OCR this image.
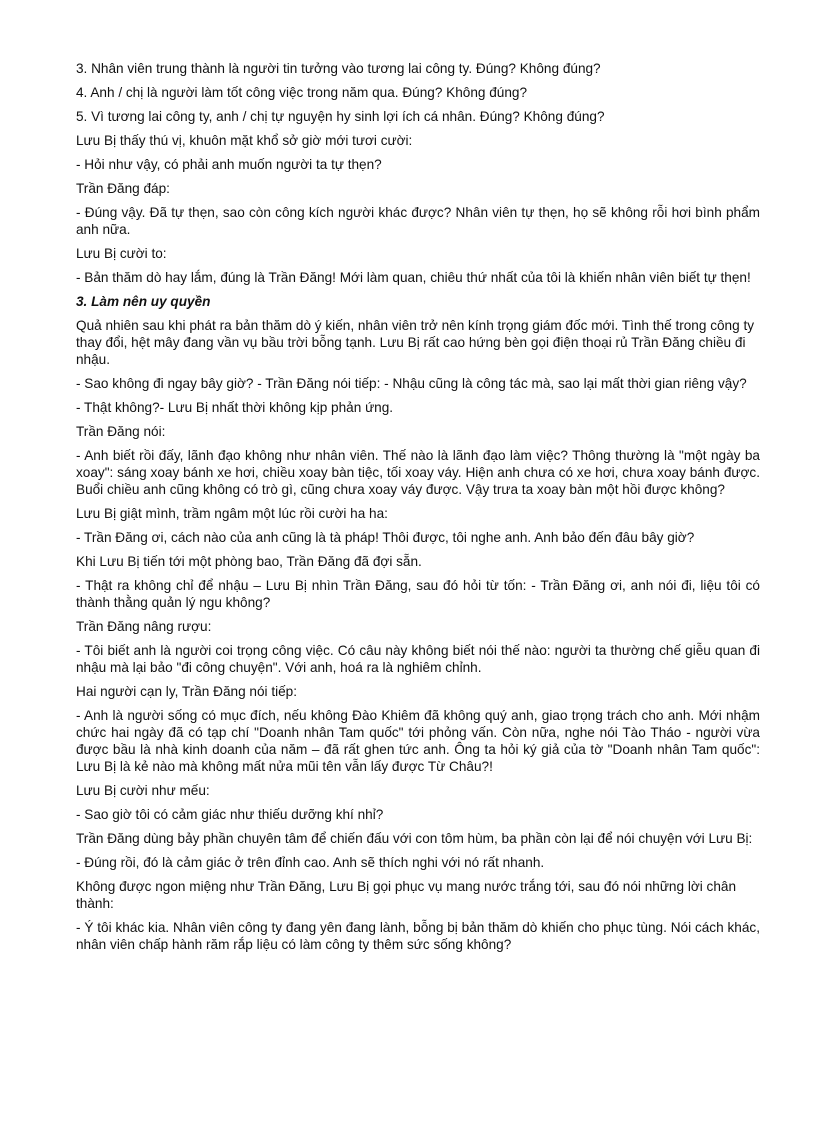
3. Nhân viên trung thành là người tin tưởng vào tương lai công ty. Đúng? Không đúng?

4. Anh / chị là người làm tốt công việc trong năm qua. Đúng? Không đúng?

5. Vì tương lai công ty, anh / chị tự nguyện hy sinh lợi ích cá nhân. Đúng? Không đúng?

Lưu Bị thấy thú vị, khuôn mặt khổ sở giờ mới tươi cười:

- Hỏi như vậy, có phải anh muốn người ta tự thẹn?

Trần Đăng đáp:

- Đúng vậy. Đã tự thẹn, sao còn công kích người khác được? Nhân viên tự thẹn, họ sẽ không rỗi hơi bình phẩm anh nữa.

Lưu Bị cười to:

- Bản thăm dò hay lắm, đúng là Trần Đăng! Mới làm quan, chiêu thứ nhất của tôi là khiến nhân viên biết tự thẹn!

3. Làm nên uy quyền

Quả nhiên sau khi phát ra bản thăm dò ý kiến, nhân viên trở nên kính trọng giám đốc mới. Tình thế trong công ty thay đổi, hệt mây đang vần vụ bầu trời bỗng tạnh. Lưu Bị rất cao hứng bèn gọi điện thoại rủ Trần Đăng chiều đi nhậu.

- Sao không đi ngay bây giờ? - Trần Đăng nói tiếp: - Nhậu cũng là công tác mà, sao lại mất thời gian riêng vậy?

- Thật không?- Lưu Bị nhất thời không kịp phản ứng.

Trần Đăng nói:

- Anh biết rồi đấy, lãnh đạo không như nhân viên. Thế nào là lãnh đạo làm việc? Thông thường là "một ngày ba xoay": sáng xoay bánh xe hơi, chiều xoay bàn tiệc, tối xoay váy. Hiện anh chưa có xe hơi, chưa xoay bánh được. Buổi chiều anh cũng không có trò gì, cũng chưa xoay váy được. Vậy trưa ta xoay bàn một hồi được không?

Lưu Bị giật mình, trầm ngâm một lúc rồi cười ha ha:

- Trần Đăng ơi, cách nào của anh cũng là tà pháp! Thôi được, tôi nghe anh. Anh bảo đến đâu bây giờ?

Khi Lưu Bị tiến tới một phòng bao, Trần Đăng đã đợi sẵn.

- Thật ra không chỉ để nhậu – Lưu Bị nhìn Trần Đăng, sau đó hỏi từ tốn: - Trần Đăng ơi, anh nói đi, liệu tôi có thành thằng quản lý ngu không?

Trần Đăng nâng rượu:

- Tôi biết anh là người coi trọng công việc. Có câu này không biết nói thế nào: người ta thường chế giễu quan đi nhậu mà lại bảo "đi công chuyện". Với anh, hoá ra là nghiêm chỉnh.

Hai người cạn ly, Trần Đăng nói tiếp:

- Anh là người sống có mục đích, nếu không Đào Khiêm đã không quý anh, giao trọng trách cho anh. Mới nhậm chức hai ngày đã có tạp chí "Doanh nhân Tam quốc" tới phỏng vấn. Còn nữa, nghe nói Tào Tháo - người vừa được bầu là nhà kinh doanh của năm – đã rất ghen tức anh. Ông ta hỏi ký giả của tờ "Doanh nhân Tam quốc": Lưu Bị là kẻ nào mà không mất nửa mũi tên vẫn lấy được Từ Châu?!

Lưu Bị cười như mếu:

- Sao giờ tôi có cảm giác như thiếu dưỡng khí nhỉ?

Trần Đăng dùng bảy phần chuyên tâm để chiến đấu với con tôm hùm, ba phần còn lại để nói chuyện với Lưu Bị:

- Đúng rồi, đó là cảm giác ở trên đỉnh cao. Anh sẽ thích nghi với nó rất nhanh.

Không được ngon miệng như Trần Đăng, Lưu Bị gọi phục vụ mang nước trắng tới, sau đó nói những lời chân thành:

- Ý tôi khác kia. Nhân viên công ty đang yên đang lành, bỗng bị bản thăm dò khiến cho phục tùng. Nói cách khác, nhân viên chấp hành răm rắp liệu có làm công ty thêm sức sống không?
